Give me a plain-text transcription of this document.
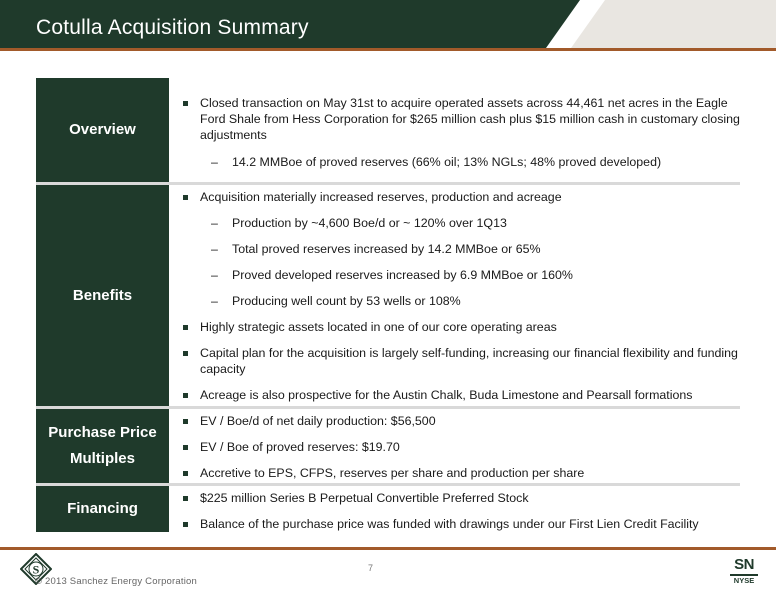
Cotulla Acquisition Summary
Overview
Closed transaction on May 31st to acquire operated assets across 44,461 net acres in the Eagle Ford Shale from Hess Corporation for $265 million cash plus $15 million cash in customary closing adjustments
– 14.2 MMBoe of proved reserves (66% oil; 13% NGLs; 48% proved developed)
Benefits
Acquisition materially increased reserves, production and acreage
– Production by ~4,600 Boe/d or ~ 120% over 1Q13
– Total proved reserves increased by 14.2 MMBoe or 65%
– Proved developed reserves increased by 6.9 MMBoe or 160%
– Producing well count by 53 wells or 108%
Highly strategic assets located in one of our core operating areas
Capital plan for the acquisition is largely self-funding, increasing our financial flexibility and funding capacity
Acreage is also prospective for the Austin Chalk, Buda Limestone and Pearsall formations
Purchase Price
Multiples
EV / Boe/d of net daily production: $56,500
EV / Boe of proved reserves: $19.70
Accretive to EPS, CFPS, reserves per share and production per share
Financing
$225 million Series B Perpetual Convertible Preferred Stock
Balance of the purchase price was funded with drawings under our First Lien Credit Facility
S
© 2013 Sanchez Energy Corporation
7	SN
NYSE
